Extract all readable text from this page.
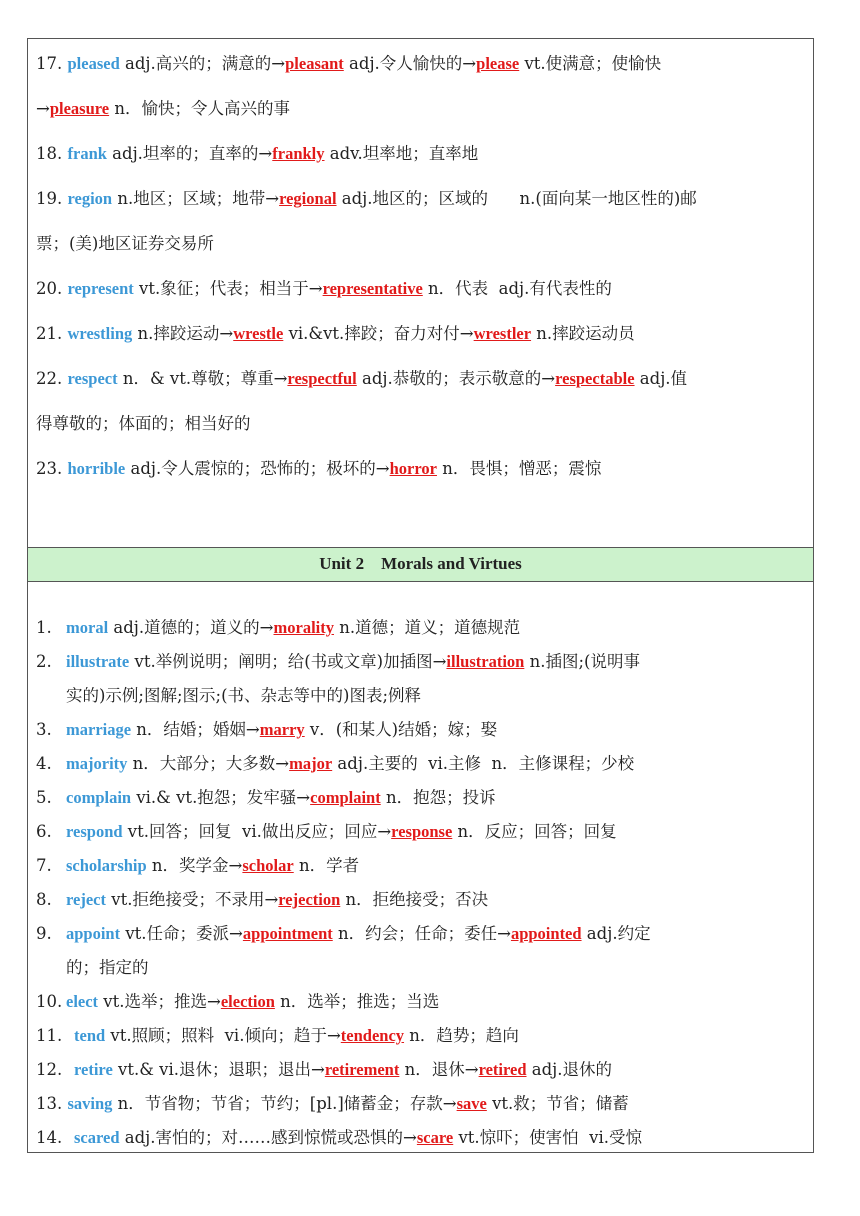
17. pleased adj.高兴的；满意的→pleasant adj.令人愉快的→please vt.使满意；使愉快
→pleasure n．愉快；令人高兴的事
18. frank adj.坦率的；直率的→frankly adv.坦率地；直率地
19. region n.地区；区域；地带→regional adj.地区的；区域的      n.(面向某一地区性的)邮
票；(美)地区证券交易所
20. represent vt.象征；代表；相当于→representative n．代表  adj.有代表性的
21. wrestling n.摔跤运动→wrestle vi.&vt.摔跤；奋力对付→wrestler n.摔跤运动员
22. respect n．& vt.尊敬；尊重→respectful adj.恭敬的；表示敬意的→respectable adj.值
得尊敬的；体面的；相当好的
23. horrible adj.令人震惊的；恐怖的；极坏的→horror n．畏惧；憎恶；震惊
Unit 2    Morals and Virtues
1. moral adj.道德的；道义的→morality n.道德；道义；道德规范
2. illustrate vt.举例说明；阐明；给(书或文章)加插图→illustration n.插图;(说明事
实的)示例;图解;图示;(书、杂志等中的)图表;例释
3. marriage n．结婚；婚姻→marry v．(和某人)结婚；嫁；娶
4. majority n．大部分；大多数→major adj.主要的  vi.主修  n．主修课程；少校
5. complain vi.& vt.抱怨；发牢骚→complaint n．抱怨；投诉
6. respond vt.回答；回复  vi.做出反应；回应→response n．反应；回答；回复
7. scholarship n．奖学金→scholar n．学者
8. reject vt.拒绝接受；不录用→rejection n．拒绝接受；否决
9. appoint vt.任命；委派→appointment n．约会；任命；委任→appointed adj.约定
的；指定的
10. elect vt.选举；推选→election n．选举；推选；当选
11. tend vt.照顾；照料  vi.倾向；趋于→tendency n．趋势；趋向
12. retire vt.& vi.退休；退职；退出→retirement n．退休→retired adj.退休的
13. saving n．节省物；节省；节约；[pl.]储蓄金；存款→save vt.救；节省；储蓄
14. scared adj.害怕的；对……感到惊慌或恐惧的→scare vt.惊吓；使害怕  vi.受惊
